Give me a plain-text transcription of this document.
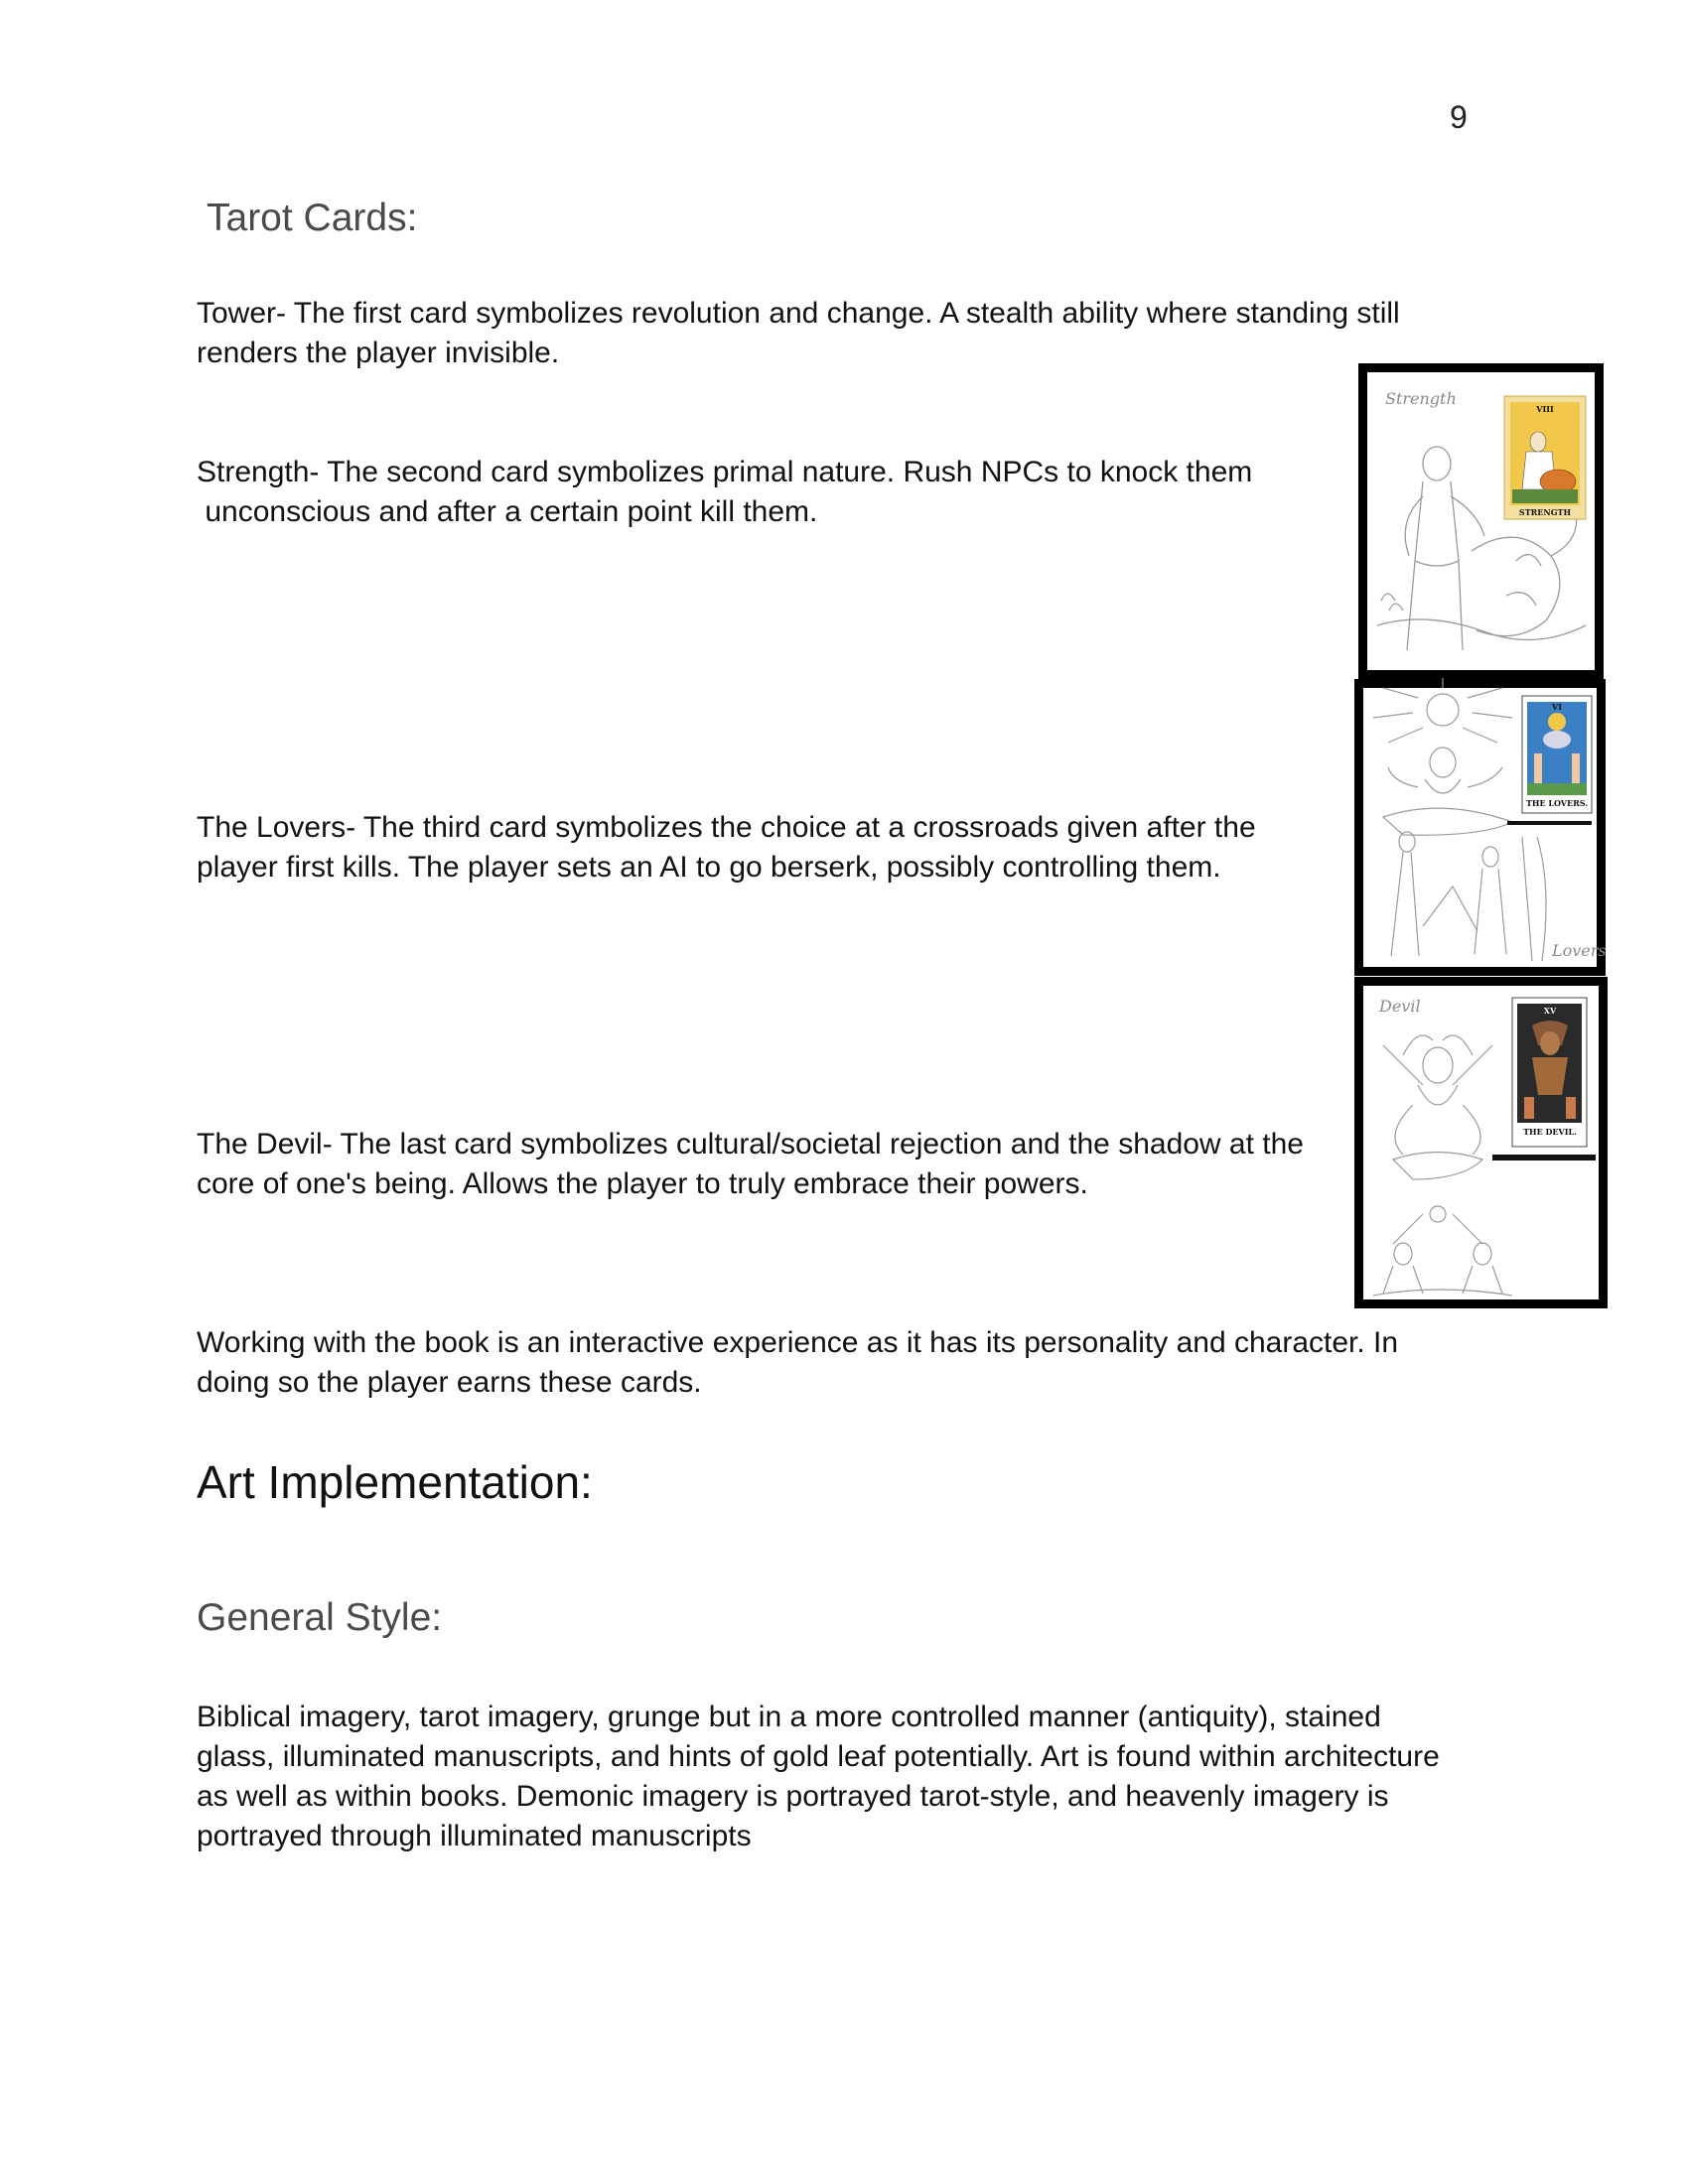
9
Tarot Cards:

Tower- The first card symbolizes revolution and change. A stealth ability where standing still
renders the player invisible.

Strength- The second card symbolizes primal nature. Rush NPCs to knock them
unconscious and after a certain point kill them.

The Lovers- The third card symbolizes the choice at a crossroads given after the
player first kills. The player sets an AI to go berserk, possibly controlling them.

The Devil- The last card symbolizes cultural/societal rejection and the shadow at the
core of one's being. Allows the player to truly embrace their powers.

Working with the book is an interactive experience as it has its personality and character. In
doing so the player earns these cards.

Art Implementation:
General Style:

Biblical imagery, tarot imagery, grunge but in a more controlled manner (antiquity), stained
glass, illuminated manuscripts, and hints of gold leaf potentially. Art is found within architecture
as well as within books. Demonic imagery is portrayed tarot-style, and heavenly imagery is
portrayed through illuminated manuscripts

Strength
VIII
STRENGTH
Lovers
VI
THE LOVERS.
Devil	XV
THE DEVIL.
